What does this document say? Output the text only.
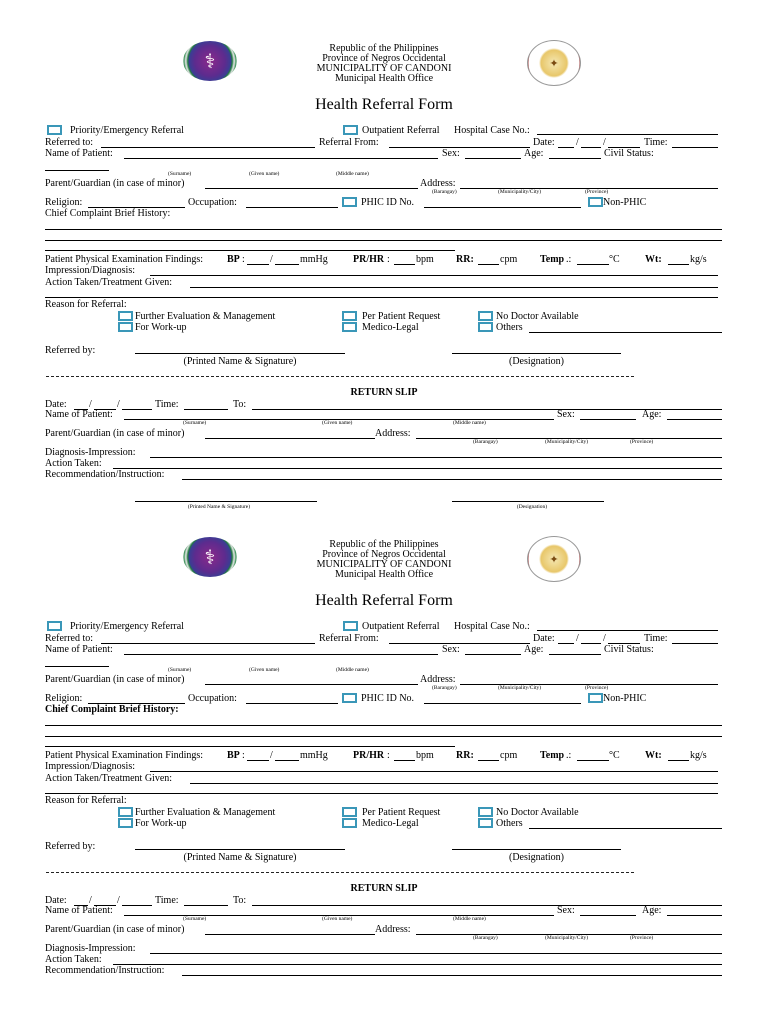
⚕	✦
Republic of the Philippines
Province of Negros Occidental
MUNICIPALITY OF CANDONI
Municipal Health Office
Health Referral Form
Priority/Emergency Referral	Outpatient Referral Hospital Case No.:
Referred to:	Referral From:	Date: / /	Time:
Name of Patient:	Sex:	Age:	Civil Status:
(Surname)	(Given name)	(Middle name)
Parent/Guardian (in case of minor)	Address:
(Barangay)	(Municipality/City)	(Province)
Religion:	Occupation:	PHIC ID No.	Non-PHIC
Chief Complaint Brief History:
Patient Physical Examination Findings: BP :	/	mmHg	PR/HR :	bpm RR:	cpm Temp .:	°C	Wt:	kg/s
Impression/Diagnosis:
Action Taken/Treatment Given:
Reason for Referral:
Further Evaluation & Management
For Work-up
Per Patient Request
Medico-Legal
No Doctor Available
Others
Referred by:
(Printed Name & Signature)	(Designation)
RETURN SLIP
Date: /	/	Time:	To:
Name of Patient:	Sex:	Age:
(Surname)	(Given name)	(Middle name)
Parent/Guardian (in case of minor)	Address:
(Barangay)	(Municipality/City)	(Province)
Diagnosis-Impression:
Action Taken:
Recommendation/Instruction:
(Printed Name & Signature)	(Designation)
⚕	✦
Republic of the Philippines
Province of Negros Occidental
MUNICIPALITY OF CANDONI
Municipal Health Office
Health Referral Form
Priority/Emergency Referral	Outpatient Referral Hospital Case No.:
Referred to:	Referral From:	Date: / /	Time:
Name of Patient:	Sex:	Age:	Civil Status:
(Surname)	(Given name)	(Middle name)
Parent/Guardian (in case of minor)	Address:
(Barangay)	(Municipality/City)	(Province)
Religion:	Occupation:	PHIC ID No.	Non-PHIC
Chief Complaint Brief History:
Patient Physical Examination Findings: BP :	/	mmHg	PR/HR :	bpm RR:	cpm Temp .:	°C	Wt:	kg/s
Impression/Diagnosis:
Action Taken/Treatment Given:
Reason for Referral:
Further Evaluation & Management
For Work-up
Per Patient Request
Medico-Legal
No Doctor Available
Others
Referred by:
(Printed Name & Signature)	(Designation)
RETURN SLIP
Date: /	/	Time:	To:
Name of Patient:	Sex:	Age:
(Surname)	(Given name)	(Middle name)
Parent/Guardian (in case of minor)	Address:
(Barangay)	(Municipality/City)	(Province)
Diagnosis-Impression:
Action Taken:
Recommendation/Instruction:
